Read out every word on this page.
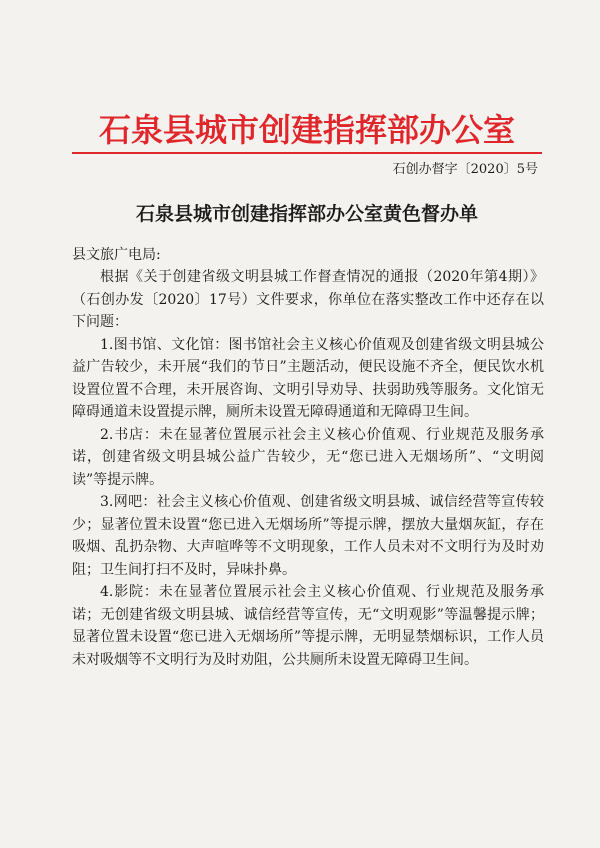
石泉县城市创建指挥部办公室
石创办督字〔2020〕5号
石泉县城市创建指挥部办公室黄色督办单
县文旅广电局:

根据《关于创建省级文明县城工作督查情况的通报（2020年第4期）》（石创办发〔2020〕17号）文件要求，你单位在落实整改工作中还存在以下问题：

1.图书馆、文化馆：图书馆社会主义核心价值观及创建省级文明县城公益广告较少，未开展“我们的节日”主题活动，便民设施不齐全，便民饮水机设置位置不合理，未开展咨询、文明引导劝导、扶弱助残等服务。文化馆无障碍通道未设置提示牌，厕所未设置无障碍通道和无障碍卫生间。

2.书店：未在显著位置展示社会主义核心价值观、行业规范及服务承诺，创建省级文明县城公益广告较少，无“您已进入无烟场所”、“文明阅读”等提示牌。

3.网吧：社会主义核心价值观、创建省级文明县城、诚信经营等宣传较少；显著位置未设置“您已进入无烟场所”等提示牌，摆放大量烟灰缸，存在吸烟、乱扔杂物、大声喧哗等不文明现象，工作人员未对不文明行为及时劝阻；卫生间打扫不及时，异味扑鼻。

4.影院：未在显著位置展示社会主义核心价值观、行业规范及服务承诺；无创建省级文明县城、诚信经营等宣传，无“文明观影”等温馨提示牌；显著位置未设置“您已进入无烟场所”等提示牌，无明显禁烟标识，工作人员未对吸烟等不文明行为及时劝阻，公共厕所未设置无障碍卫生间。
